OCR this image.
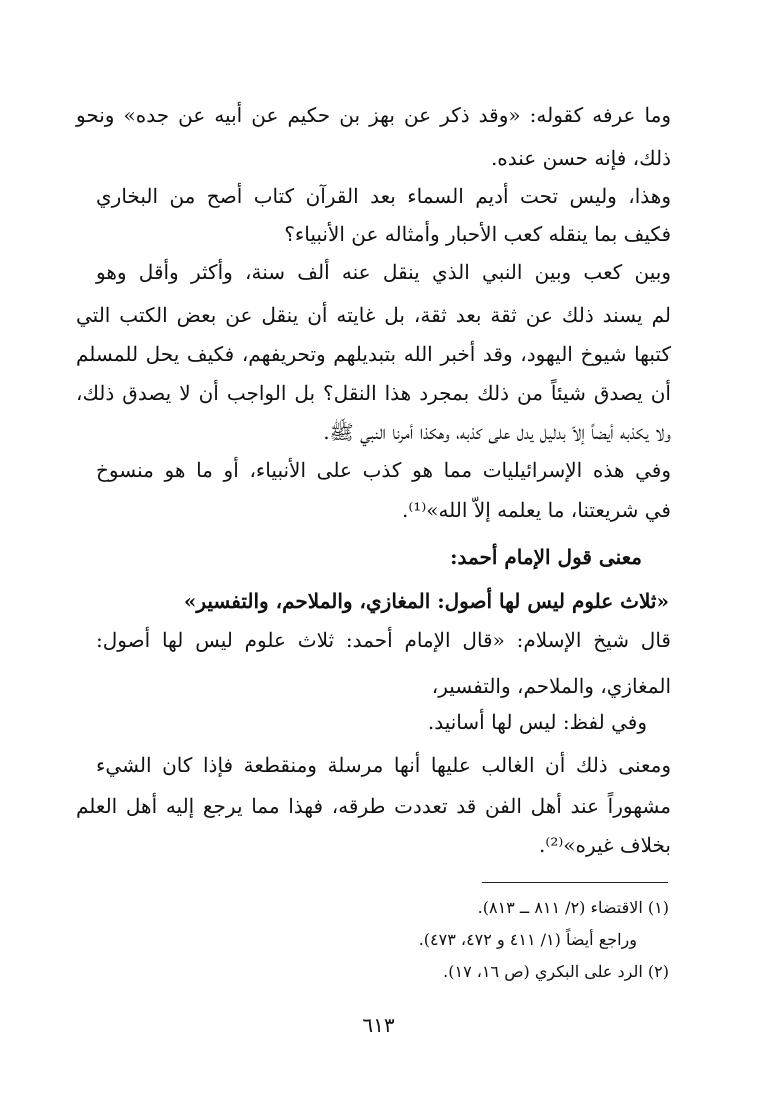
وما عرفه كقوله: «وقد ذكر عن بهز بن حكيم عن أبيه عن جده» ونحو
ذلك، فإنه حسن عنده.
وهذا، وليس تحت أديم السماء بعد القرآن كتاب أصح من البخاري
فكيف بما ينقله كعب الأحبار وأمثاله عن الأنبياء؟
وبين كعب وبين النبي الذي ينقل عنه ألف سنة، وأكثر وأقل وهو
لم يسند ذلك عن ثقة بعد ثقة، بل غايته أن ينقل عن بعض الكتب التي
كتبها شيوخ اليهود، وقد أخبر الله بتبديلهم وتحريفهم، فكيف يحل للمسلم
أن يصدق شيئاً من ذلك بمجرد هذا النقل؟ بل الواجب أن لا يصدق ذلك،
ولا يكذبه أيضاً إلاّ بدليل يدل على كذبه، وهكذا أمرنا النبي ﷺ.
وفي هذه الإسرائيليات مما هو كذب على الأنبياء، أو ما هو منسوخ
في شريعتنا، ما يعلمه إلاّ الله»⁽¹⁾.
معنى قول الإمام أحمد:
«ثلاث علوم ليس لها أصول: المغازي، والملاحم، والتفسير»
قال شيخ الإسلام: «قال الإمام أحمد: ثلاث علوم ليس لها أصول:
المغازي، والملاحم، والتفسير،
وفي لفظ: ليس لها أسانيد.
ومعنى ذلك أن الغالب عليها أنها مرسلة ومنقطعة فإذا كان الشيء
مشهوراً عند أهل الفن قد تعددت طرقه، فهذا مما يرجع إليه أهل العلم
بخلاف غيره»⁽²⁾.
(١) الاقتضاء (٢/ ٨١١ ــ ٨١٣).
وراجع أيضاً (١/ ٤١١ و ٤٧٢، ٤٧٣).
(٢) الرد على البكري (ص ١٦، ١٧).
٦١٣
